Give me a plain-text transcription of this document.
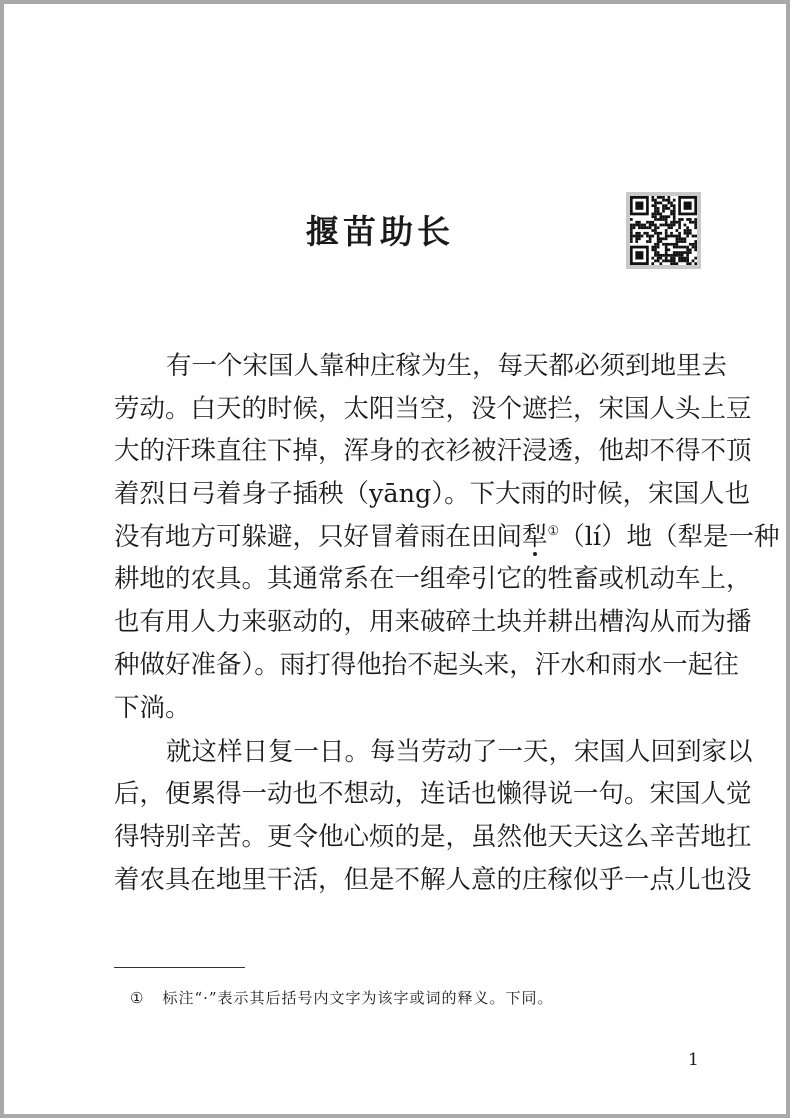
揠苗助长
有一个宋国人靠种庄稼为生，每天都必须到地里去
劳动。白天的时候，太阳当空，没个遮拦，宋国人头上豆
大的汗珠直往下掉，浑身的衣衫被汗浸透，他却不得不顶
着烈日弓着身子插秧（yāng）。下大雨的时候，宋国人也
没有地方可躲避，只好冒着雨在田间犁①（lí）地（犁是一种
耕地的农具。其通常系在一组牵引它的牲畜或机动车上，
也有用人力来驱动的，用来破碎土块并耕出槽沟从而为播
种做好准备）。雨打得他抬不起头来，汗水和雨水一起往
下淌。
就这样日复一日。每当劳动了一天，宋国人回到家以
后，便累得一动也不想动，连话也懒得说一句。宋国人觉
得特别辛苦。更令他心烦的是，虽然他天天这么辛苦地扛
着农具在地里干活，但是不解人意的庄稼似乎一点儿也没
① 标注“·”表示其后括号内文字为该字或词的释义。下同。
1
